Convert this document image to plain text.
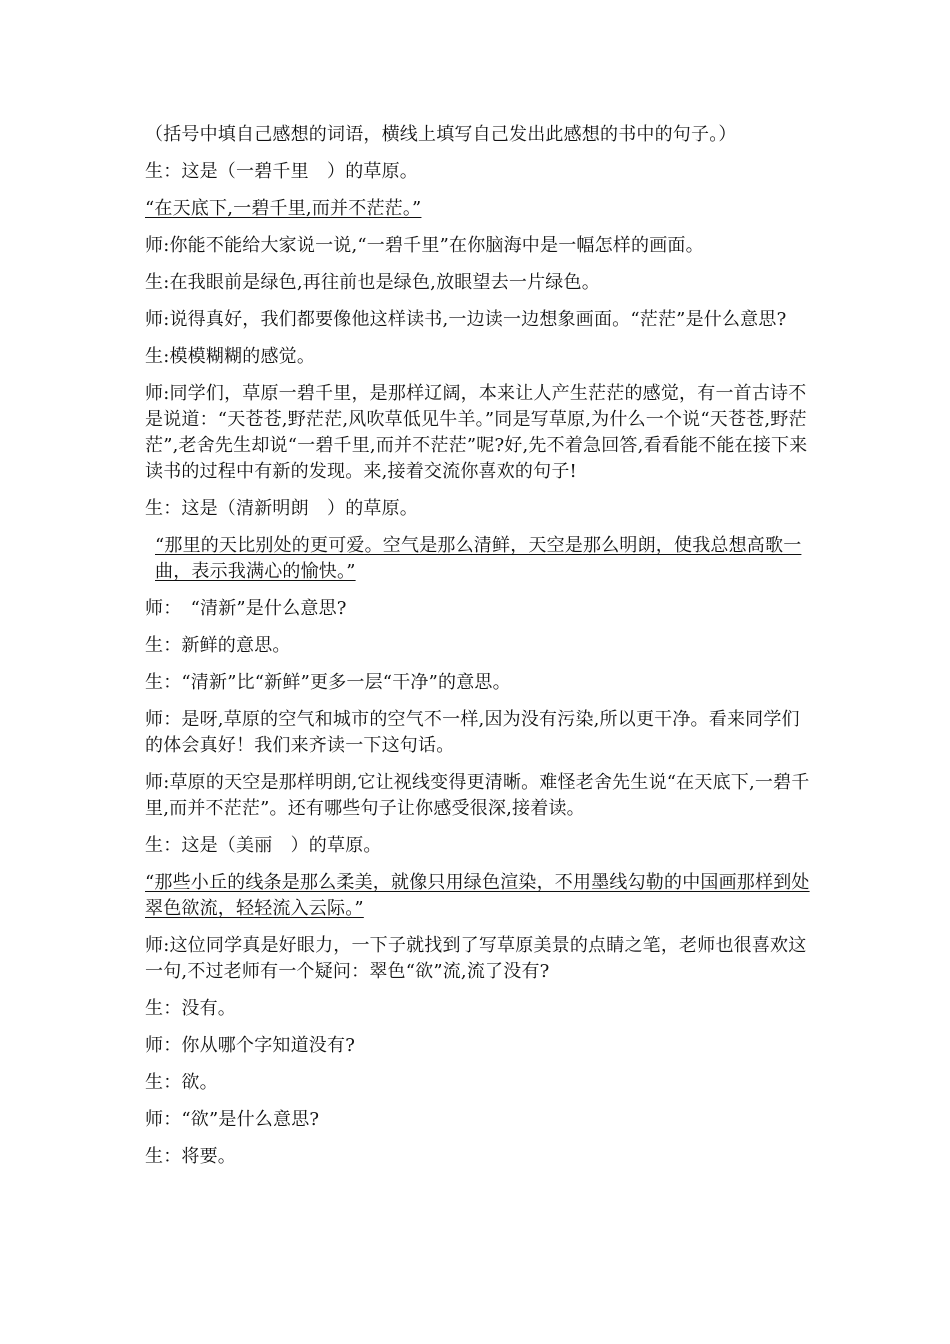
（括号中填自己感想的词语，横线上填写自己发出此感想的书中的句子。）

生：这是（一碧千里　）的草原。

“在天底下,一碧千里,而并不茫茫。”

师:你能不能给大家说一说,“一碧千里”在你脑海中是一幅怎样的画面。

生:在我眼前是绿色,再往前也是绿色,放眼望去一片绿色。

师:说得真好，我们都要像他这样读书,一边读一边想象画面。“茫茫”是什么意思?

生:模模糊糊的感觉。

师:同学们，草原一碧千里，是那样辽阔，本来让人产生茫茫的感觉，有一首古诗不是说道：“天苍苍,野茫茫,风吹草低见牛羊。”同是写草原,为什么一个说“天苍苍,野茫茫”,老舍先生却说“一碧千里,而并不茫茫”呢?好,先不着急回答,看看能不能在接下来读书的过程中有新的发现。来,接着交流你喜欢的句子!

生：这是（清新明朗　）的草原。

“那里的天比别处的更可爱。空气是那么清鲜，天空是那么明朗，使我总想高歌一曲，表示我满心的愉快。”

师：　“清新”是什么意思?

生：新鲜的意思。

生：“清新”比“新鲜”更多一层“干净”的意思。

师：是呀,草原的空气和城市的空气不一样,因为没有污染,所以更干净。看来同学们的体会真好！我们来齐读一下这句话。

师:草原的天空是那样明朗,它让视线变得更清晰。难怪老舍先生说“在天底下,一碧千里,而并不茫茫”。还有哪些句子让你感受很深,接着读。

生：这是（美丽　）的草原。

“那些小丘的线条是那么柔美，就像只用绿色渲染，不用墨线勾勒的中国画那样到处翠色欲流，轻轻流入云际。”

师:这位同学真是好眼力，一下子就找到了写草原美景的点睛之笔，老师也很喜欢这一句,不过老师有一个疑问：翠色“欲”流,流了没有?

生：没有。

师：你从哪个字知道没有?

生：欲。

师：“欲”是什么意思?

生：将要。
